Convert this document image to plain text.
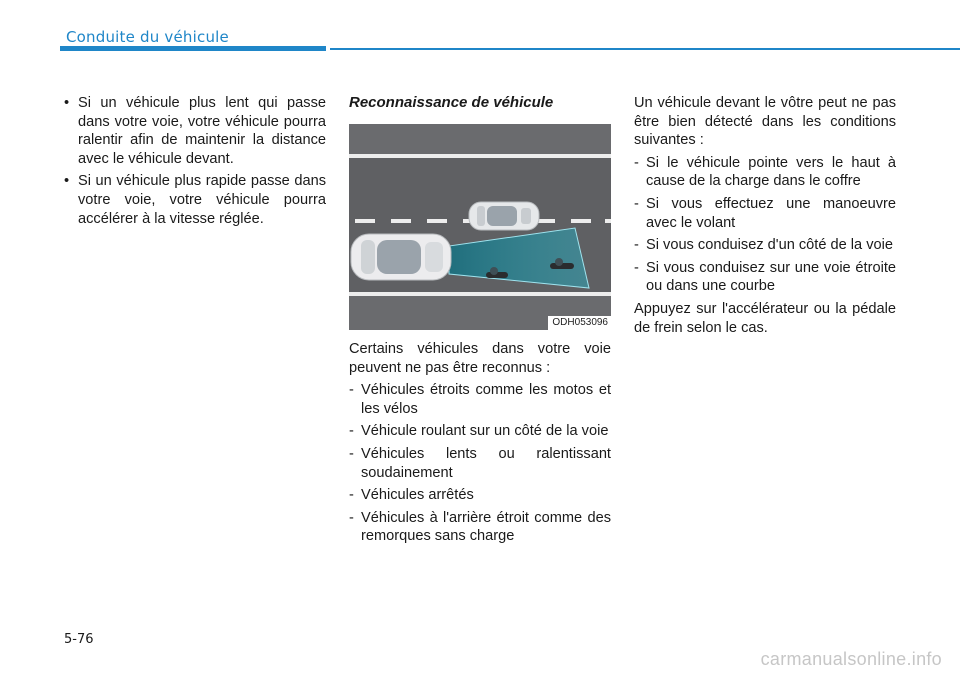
Conduite du véhicule
• Si un véhicule plus lent qui passe dans votre voie, votre véhicule pourra ralentir afin de maintenir la distance avec le véhicule devant.
• Si un véhicule plus rapide passe dans votre voie, votre véhicule pourra accélérer à la vitesse réglée.
Reconnaissance de véhicule
ODH053096

Certains véhicules dans votre voie peuvent ne pas être reconnus :

- Véhicules étroits comme les motos et les vélos
- Véhicule roulant sur un côté de la voie
- Véhicules lents ou ralentissant soudainement
- Véhicules arrêtés
- Véhicules à l'arrière étroit comme des remorques sans charge

Un véhicule devant le vôtre peut ne pas être bien détecté dans les conditions suivantes :

- Si le véhicule pointe vers le haut à cause de la charge dans le coffre
- Si vous effectuez une manoeuvre avec le volant
- Si vous conduisez d'un côté de la voie
- Si vous conduisez sur une voie étroite ou dans une courbe

Appuyez sur l'accélérateur ou la pédale de frein selon le cas.

5-76
carmanualsonline.info
